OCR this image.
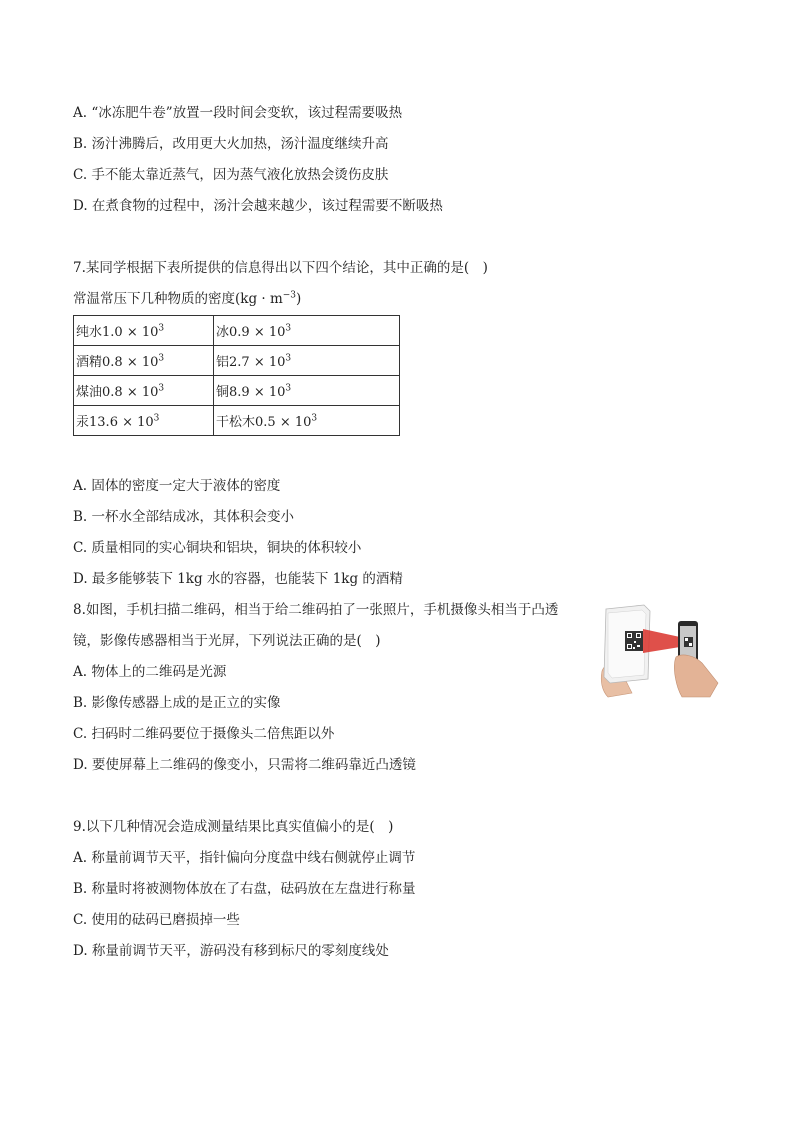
A. “冰冻肥牛卷”放置一段时间会变软，该过程需要吸热
B. 汤汁沸腾后，改用更大火加热，汤汁温度继续升高
C. 手不能太靠近蒸气，因为蒸气液化放热会烫伤皮肤
D. 在煮食物的过程中，汤汁会越来越少，该过程需要不断吸热
7.某同学根据下表所提供的信息得出以下四个结论，其中正确的是(　)
常温常压下几种物质的密度$(kg \cdot m^{-3})$
纯水$1.0 \times 10^3$	冰$0.9 \times 10^3$
酒精$0.8 \times 10^3$	铝$2.7 \times 10^3$
煤油$0.8 \times 10^3$	铜$8.9 \times 10^3$
汞$13.6 \times 10^3$	干松木$0.5 \times 10^3$
A. 固体的密度一定大于液体的密度
B. 一杯水全部结成冰，其体积会变小
C. 质量相同的实心铜块和铝块，铜块的体积较小
D. 最多能够装下 1kg 水的容器，也能装下 1kg 的酒精
8.如图，手机扫描二维码，相当于给二维码拍了一张照片，手机摄像头相当于凸透
镜，影像传感器相当于光屏，下列说法正确的是(　)
A. 物体上的二维码是光源
B. 影像传感器上成的是正立的实像
C. 扫码时二维码要位于摄像头二倍焦距以外
D. 要使屏幕上二维码的像变小，只需将二维码靠近凸透镜
9.以下几种情况会造成测量结果比真实值偏小的是(　)
A. 称量前调节天平，指针偏向分度盘中线右侧就停止调节
B. 称量时将被测物体放在了右盘，砝码放在左盘进行称量
C. 使用的砝码已磨损掉一些
D. 称量前调节天平，游码没有移到标尺的零刻度线处
